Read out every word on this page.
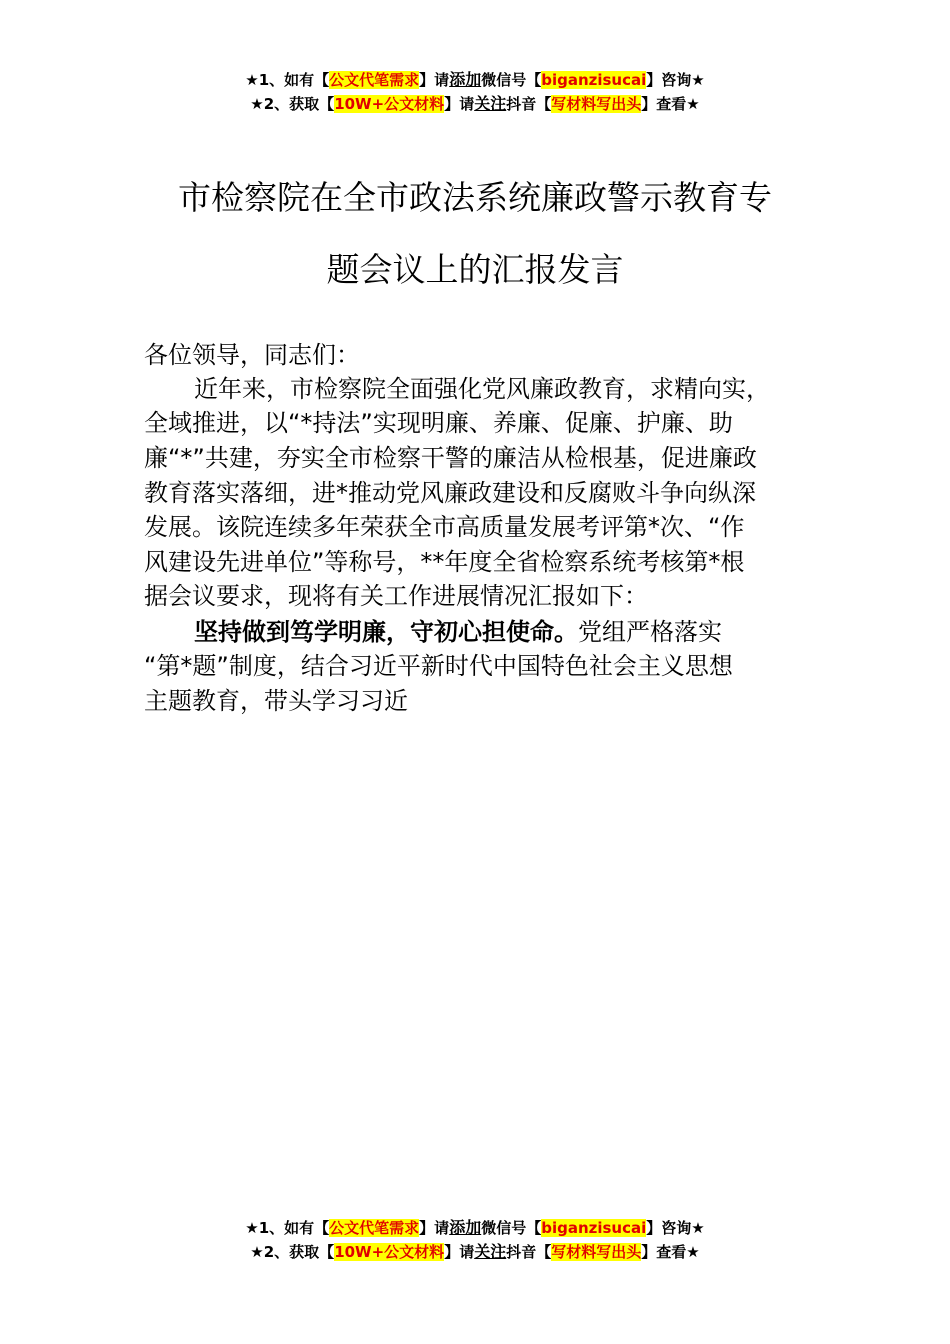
★1、如有【公文代笔需求】请添加微信号【biganzisucai】咨询★
★2、获取【10W+公文材料】请关注抖音【写材料写出头】查看★
市检察院在全市政法系统廉政警示教育专
题会议上的汇报发言
各位领导，同志们：
近年来，市检察院全面强化党风廉政教育，求精向实，
全域推进，以“*持法”实现明廉、养廉、促廉、护廉、助
廉“*”共建，夯实全市检察干警的廉洁从检根基，促进廉政
教育落实落细，进*推动党风廉政建设和反腐败斗争向纵深
发展。该院连续多年荣获全市高质量发展考评第*次、“作
风建设先进单位”等称号，**年度全省检察系统考核第*根
据会议要求，现将有关工作进展情况汇报如下：
坚持做到笃学明廉，守初心担使命。党组严格落实
“第*题”制度，结合习近平新时代中国特色社会主义思想
主题教育，带头学习习近
★1、如有【公文代笔需求】请添加微信号【biganzisucai】咨询★
★2、获取【10W+公文材料】请关注抖音【写材料写出头】查看★
